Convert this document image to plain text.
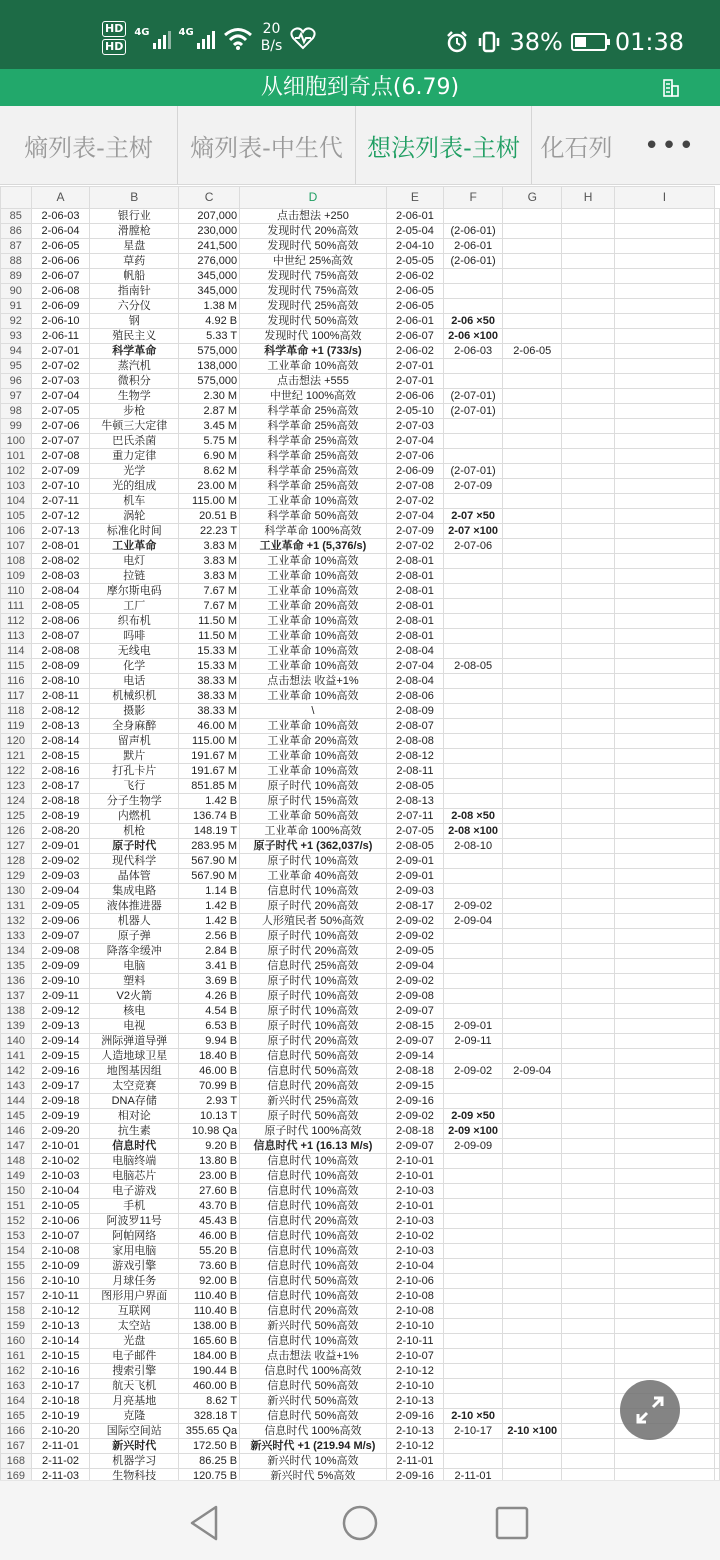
HD
HD
4G	4G	20
B/s	38% 01:38
从细胞到奇点(6.79)
熵列表-主树	熵列表-中生代	想法列表-主树 化石列	•••
	A	B	C	D	E	F	G	H	I	
85	2-06-03	银行业	207,000	点击想法 +250	2-06-01					
86	2-06-04	滑膛枪	230,000	发现时代 20%高效	2-05-04	(2-06-01)				
87	2-06-05	星盘	241,500	发现时代 50%高效	2-04-10	2-06-01				
88	2-06-06	草药	276,000	中世纪 25%高效	2-05-05	(2-06-01)				
89	2-06-07	帆船	345,000	发现时代 75%高效	2-06-02					
90	2-06-08	指南针	345,000	发现时代 75%高效	2-06-05					
91	2-06-09	六分仪	1.38 M	发现时代 25%高效	2-06-05					
92	2-06-10	钢	4.92 B	发现时代 50%高效	2-06-01	2-06 ×50				
93	2-06-11	殖民主义	5.33 T	发现时代 100%高效	2-06-07	2-06 ×100				
94	2-07-01	科学革命	575,000	科学革命 +1 (733/s)	2-06-02	2-06-03	2-06-05			
95	2-07-02	蒸汽机	138,000	工业革命 10%高效	2-07-01					
96	2-07-03	微积分	575,000	点击想法 +555	2-07-01					
97	2-07-04	生物学	2.30 M	中世纪 100%高效	2-06-06	(2-07-01)				
98	2-07-05	步枪	2.87 M	科学革命 25%高效	2-05-10	(2-07-01)				
99	2-07-06	牛顿三大定律	3.45 M	科学革命 25%高效	2-07-03					
100	2-07-07	巴氏杀菌	5.75 M	科学革命 25%高效	2-07-04					
101	2-07-08	重力定律	6.90 M	科学革命 25%高效	2-07-06					
102	2-07-09	光学	8.62 M	科学革命 25%高效	2-06-09	(2-07-01)				
103	2-07-10	光的组成	23.00 M	科学革命 25%高效	2-07-08	2-07-09				
104	2-07-11	机车	115.00 M	工业革命 10%高效	2-07-02					
105	2-07-12	涡轮	20.51 B	科学革命 50%高效	2-07-04	2-07 ×50				
106	2-07-13	标准化时间	22.23 T	科学革命 100%高效	2-07-09	2-07 ×100				
107	2-08-01	工业革命	3.83 M	工业革命 +1 (5,376/s)	2-07-02	2-07-06				
108	2-08-02	电灯	3.83 M	工业革命 10%高效	2-08-01					
109	2-08-03	拉链	3.83 M	工业革命 10%高效	2-08-01					
110	2-08-04	摩尔斯电码	7.67 M	工业革命 10%高效	2-08-01					
111	2-08-05	工厂	7.67 M	工业革命 20%高效	2-08-01					
112	2-08-06	织布机	11.50 M	工业革命 10%高效	2-08-01					
113	2-08-07	吗啡	11.50 M	工业革命 10%高效	2-08-01					
114	2-08-08	无线电	15.33 M	工业革命 10%高效	2-08-04					
115	2-08-09	化学	15.33 M	工业革命 10%高效	2-07-04	2-08-05				
116	2-08-10	电话	38.33 M	点击想法 收益+1%	2-08-04					
117	2-08-11	机械织机	38.33 M	工业革命 10%高效	2-08-06					
118	2-08-12	摄影	38.33 M	\	2-08-09					
119	2-08-13	全身麻醉	46.00 M	工业革命 10%高效	2-08-07					
120	2-08-14	留声机	115.00 M	工业革命 20%高效	2-08-08					
121	2-08-15	默片	191.67 M	工业革命 10%高效	2-08-12					
122	2-08-16	打孔卡片	191.67 M	工业革命 10%高效	2-08-11					
123	2-08-17	飞行	851.85 M	原子时代 10%高效	2-08-05					
124	2-08-18	分子生物学	1.42 B	原子时代 15%高效	2-08-13					
125	2-08-19	内燃机	136.74 B	工业革命 50%高效	2-07-11	2-08 ×50				
126	2-08-20	机枪	148.19 T	工业革命 100%高效	2-07-05	2-08 ×100				
127	2-09-01	原子时代	283.95 M	原子时代 +1 (362,037/s)	2-08-05	2-08-10				
128	2-09-02	现代科学	567.90 M	原子时代 10%高效	2-09-01					
129	2-09-03	晶体管	567.90 M	工业革命 40%高效	2-09-01					
130	2-09-04	集成电路	1.14 B	信息时代 10%高效	2-09-03					
131	2-09-05	液体推进器	1.42 B	原子时代 20%高效	2-08-17	2-09-02				
132	2-09-06	机器人	1.42 B	人形殖民者 50%高效	2-09-02	2-09-04				
133	2-09-07	原子弹	2.56 B	原子时代 10%高效	2-09-02					
134	2-09-08	降落伞缓冲	2.84 B	原子时代 20%高效	2-09-05					
135	2-09-09	电脑	3.41 B	信息时代 25%高效	2-09-04					
136	2-09-10	塑料	3.69 B	原子时代 10%高效	2-09-02					
137	2-09-11	V2火箭	4.26 B	原子时代 10%高效	2-09-08					
138	2-09-12	核电	4.54 B	原子时代 10%高效	2-09-07					
139	2-09-13	电视	6.53 B	原子时代 10%高效	2-08-15	2-09-01				
140	2-09-14	洲际弹道导弹	9.94 B	原子时代 20%高效	2-09-07	2-09-11				
141	2-09-15	人造地球卫星	18.40 B	信息时代 50%高效	2-09-14					
142	2-09-16	地图基因组	46.00 B	信息时代 50%高效	2-08-18	2-09-02	2-09-04			
143	2-09-17	太空竞赛	70.99 B	信息时代 20%高效	2-09-15					
144	2-09-18	DNA存储	2.93 T	新兴时代 25%高效	2-09-16					
145	2-09-19	相对论	10.13 T	原子时代 50%高效	2-09-02	2-09 ×50				
146	2-09-20	抗生素	10.98 Qa	原子时代 100%高效	2-08-18	2-09 ×100				
147	2-10-01	信息时代	9.20 B	信息时代 +1 (16.13 M/s)	2-09-07	2-09-09				
148	2-10-02	电脑终端	13.80 B	信息时代 10%高效	2-10-01					
149	2-10-03	电脑芯片	23.00 B	信息时代 10%高效	2-10-01					
150	2-10-04	电子游戏	27.60 B	信息时代 10%高效	2-10-03					
151	2-10-05	手机	43.70 B	信息时代 10%高效	2-10-01					
152	2-10-06	阿波罗11号	45.43 B	信息时代 20%高效	2-10-03					
153	2-10-07	阿帕网络	46.00 B	信息时代 10%高效	2-10-02					
154	2-10-08	家用电脑	55.20 B	信息时代 10%高效	2-10-03					
155	2-10-09	游戏引擎	73.60 B	信息时代 10%高效	2-10-04					
156	2-10-10	月球任务	92.00 B	信息时代 50%高效	2-10-06					
157	2-10-11	图形用户界面	110.40 B	信息时代 10%高效	2-10-08					
158	2-10-12	互联网	110.40 B	信息时代 20%高效	2-10-08					
159	2-10-13	太空站	138.00 B	新兴时代 50%高效	2-10-10					
160	2-10-14	光盘	165.60 B	信息时代 10%高效	2-10-11					
161	2-10-15	电子邮件	184.00 B	点击想法 收益+1%	2-10-07					
162	2-10-16	搜索引擎	190.44 B	信息时代 100%高效	2-10-12					
163	2-10-17	航天飞机	460.00 B	信息时代 50%高效	2-10-10					
164	2-10-18	月亮基地	8.62 T	新兴时代 50%高效	2-10-13					
165	2-10-19	克隆	328.18 T	信息时代 50%高效	2-09-16	2-10 ×50				
166	2-10-20	国际空间站	355.65 Qa	信息时代 100%高效	2-10-13	2-10-17	2-10 ×100			
167	2-11-01	新兴时代	172.50 B	新兴时代 +1 (219.94 M/s)	2-10-12					
168	2-11-02	机器学习	86.25 B	新兴时代 10%高效	2-11-01					
169	2-11-03	生物科技	120.75 B	新兴时代 5%高效	2-09-16	2-11-01				
